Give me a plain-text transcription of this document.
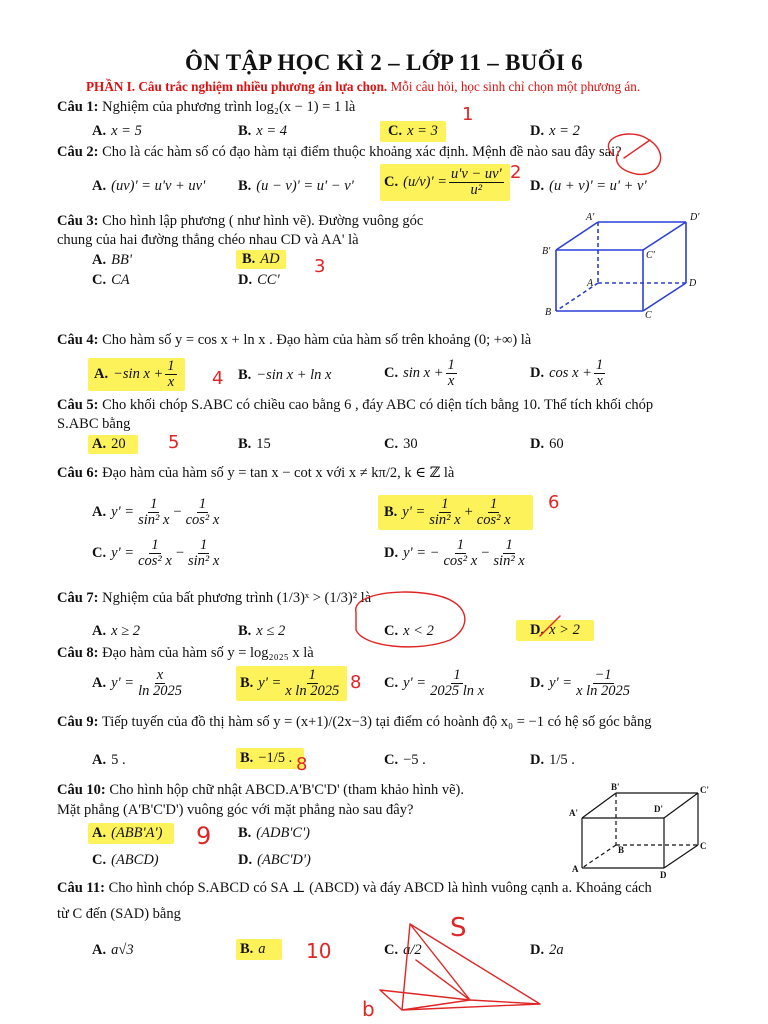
ÔN TẬP HỌC KÌ 2 – LỚP 11 – BUỔI 6
PHẦN I. Câu trắc nghiệm nhiều phương án lựa chọn. Mỗi câu hỏi, học sinh chỉ chọn một phương án.
Câu 1: Nghiệm của phương trình log₂(x − 1) = 1 là
A. x = 5	B. x = 4	C. x = 3	D. x = 2
Câu 2: Cho là các hàm số có đạo hàm tại điểm thuộc khoảng xác định. Mệnh đề nào sau đây sai?
A. (uv)' = u'v + uv' B. (u − v)' = u' − v' C. $(u/v)' = \frac{u'v - uv'}{\text{u²}} D$. (u + v)' = u' + v'
Câu 3: Cho hình lập phương ( như hình vẽ). Đường vuông góc
chung của hai đường thẳng chéo nhau CD và AA' là
A. BB'	B. AD
C. CA	D. CC'
Câu 4: Cho hàm số y = cos x + ln x . Đạo hàm của hàm số trên khoảng (0; +∞) là
A. −sin $x + \frac{1}{x}$	B. −sin x + ln x	C. $\sin x + \frac{1}{x}$	D. $\cos x + \frac{1}{x}$
Câu 5: Cho khối chóp S.ABC có chiều cao bằng 6 , đáy ABC có diện tích bằng 10. Thể tích khối chóp
S.ABC bằng
A. 20	B. 15	C. 30	D. 60
Câu 6: Đạo hàm của hàm số y = tan x − cot x với x ≠ kπ/2, k ∈ ℤ là
A. $y' = \frac{1}{\text{sin² x}} - \frac{1}{\text{cos² x}}$	B. $y' = \frac{1}{\text{sin² x}} + \frac{1}{\text{cos² x}}$
C. $y' = \frac{1}{\text{cos² x}} - \frac{1}{\text{sin² x}}$	D. y' = − $\frac{1}{\text{cos² x}} - \frac{1}{\text{sin² x}}$
Câu 7: Nghiệm của bất phương trình (1/3)ˣ > (1/3)² là
A. x ≥ 2	B. x ≤ 2	C. x < 2	D. x > 2
Câu 8: Đạo hàm của hàm số y = log₂₀₂₅ x là
A. $y' = \frac{x}{\ln 2025}$	B. $y' = \frac{1}{\text{x ln 2025}}$	C. $y' = \frac{1}{\text{2025 ln x}}$	D. $y' = \frac{-1}{\text{x ln 2025}}$
Câu 9: Tiếp tuyến của đồ thị hàm số y = (x+1)/(2x−3) tại điểm có hoành độ x₀ = −1 có hệ số góc bằng
A. 5 .	B. −1/5 .	C. −5 .	D. 1/5 .
Câu 10: Cho hình hộp chữ nhật ABCD.A'B'C'D' (tham khảo hình vẽ).
Mặt phẳng (A'B'C'D') vuông góc với mặt phẳng nào sau đây?
A. (ABB'A')	B. (ADB'C')
C. (ABCD)	D. (ABC'D')
Câu 11: Cho hình chóp S.ABCD có SA ⊥ (ABCD) và đáy ABCD là hình vuông cạnh a. Khoảng cách
từ C đến (SAD) bằng
A. a√3	B. a	C. a/2	D. 2a
A'	D'
B'	C'
A	D
B	C
B'	C'
A'	D'
B	C
A
D
1
2
3
4
5
6
8
8
9
10
S
b
